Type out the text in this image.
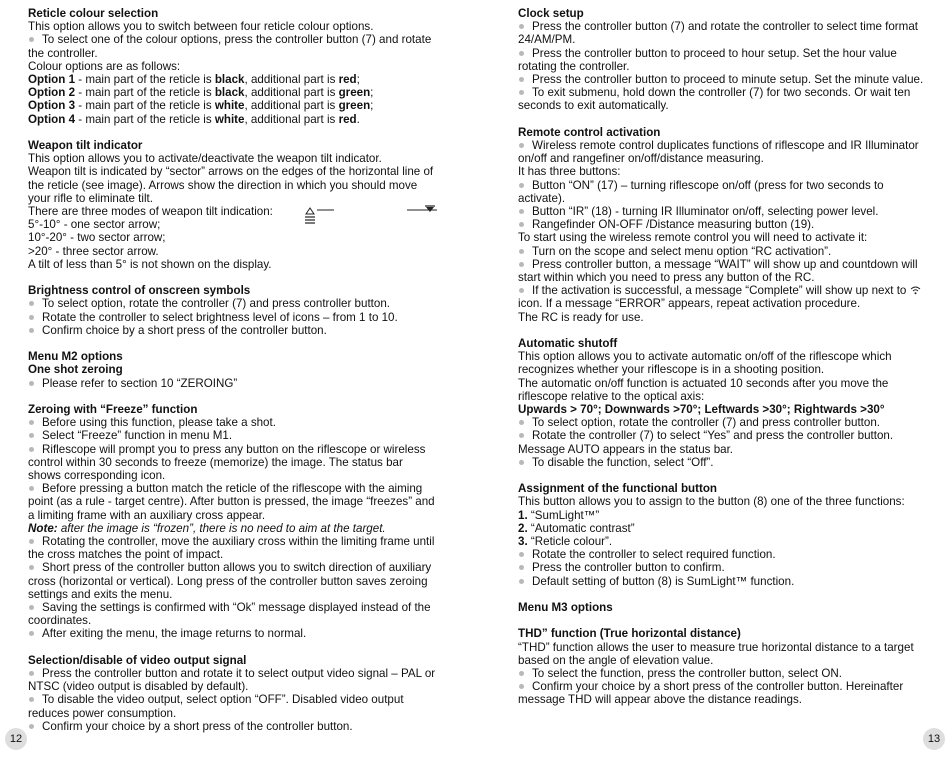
Reticle colour selection

This option allows you to switch between four reticle colour options.

To select one of the colour options, press the controller button (7) and rotate the controller.

Colour options are as follows:

Option 1 - main part of the reticle is black, additional part is red;

Option 2 - main part of the reticle is black, additional part is green;

Option 3 - main part of the reticle is white, additional part is green;

Option 4 - main part of the reticle is white, additional part is red.

Weapon tilt indicator

This option allows you to activate/deactivate the weapon tilt indicator.

Weapon tilt is indicated by “sector” arrows on the edges of the horizontal line of the reticle (see image). Arrows show the direction in which you should move your rifle to eliminate tilt.

There are three modes of weapon tilt indication:

5°-10° - one sector arrow;

10°-20° - two sector arrow;

>20° - three sector arrow.

A tilt of less than 5° is not shown on the display.

Brightness control of onscreen symbols

To select option, rotate the controller (7) and press controller button.

Rotate the controller to select brightness level of icons – from 1 to 10.

Confirm choice by a short press of the controller button.

Menu M2 options
One shot zeroing

Please refer to section 10 “ZEROING”

Zeroing with “Freeze” function

Before using this function, please take a shot.

Select “Freeze” function in menu M1.

Riflescope will prompt you to press any button on the riflescope or wireless control within 30 seconds to freeze (memorize) the image. The status bar shows corresponding icon.

Before pressing a button match the reticle of the riflescope with the aiming point (as a rule - target centre). After button is pressed, the image “freezes” and a limiting frame with an auxiliary cross appear.

Note: after the image is “frozen”, there is no need to aim at the target.

Rotating the controller, move the auxiliary cross within the limiting frame until the cross matches the point of impact.

Short press of the controller button allows you to switch direction of auxiliary cross (horizontal or vertical). Long press of the controller button saves zeroing settings and exits the menu.

Saving the settings is confirmed with “Ok” message displayed instead of the coordinates.

After exiting the menu, the image returns to normal.

Selection/disable of video output signal

Press the controller button and rotate it to select output video signal – PAL or NTSC (video output is disabled by default).

To disable the video output, select option “OFF”. Disabled video output reduces power consumption.

Confirm your choice by a short press of the controller button.

Clock setup

Press the controller button (7) and rotate the controller to select time format 24/AM/PM.

Press the controller button to proceed to hour setup. Set the hour value rotating the controller.

Press the controller button to proceed to minute setup. Set the minute value.

To exit submenu, hold down the controller (7) for two seconds. Or wait ten seconds to exit automatically.

Remote control activation

Wireless remote control duplicates functions of riflescope and IR Illuminator on/off and rangefiner on/off/distance measuring.

It has three buttons:

Button “ON” (17) – turning riflescope on/off (press for two seconds to activate).

Button “IR” (18) - turning IR Illuminator on/off, selecting power level.

Rangefinder ON-OFF /Distance measuring button (19).

To start using the wireless remote control you will need to activate it:

Turn on the scope and select menu option “RC activation”.

Press controller button, a message “WAIT” will show up and countdown will start within which you need to press any button of the RC.

If the activation is successful, a message “Complete” will show up next to  icon. If a message “ERROR” appears, repeat activation procedure.

The RC is ready for use.

Automatic shutoff

This option allows you to activate automatic on/off of the riflescope which recognizes whether your riflescope is in a shooting position.

The automatic on/off function is actuated 10 seconds after you move the riflescope relative to the optical axis:

Upwards > 70°; Downwards >70°; Leftwards >30°; Rightwards >30°

To select option, rotate the controller (7) and press controller button.

Rotate the controller (7) to select “Yes” and press the controller button. Message AUTO appears in the status bar.

To disable the function, select “Off”.

Assignment of the functional button

This button allows you to assign to the button (8) one of the three functions:

1. “SumLight™”

2. “Automatic contrast”

3. “Reticle colour”.

Rotate the controller to select required function.

Press the controller button to confirm.

Default setting of button (8) is SumLight™ function.

Menu M3 options
THD” function (True horizontal distance)

“THD” function allows the user to measure true horizontal distance to a target based on the angle of elevation value.

To select the function, press the controller button, select ON.

Confirm your choice by a short press of the controller button. Hereinafter message THD will appear above the distance readings.

12	13
